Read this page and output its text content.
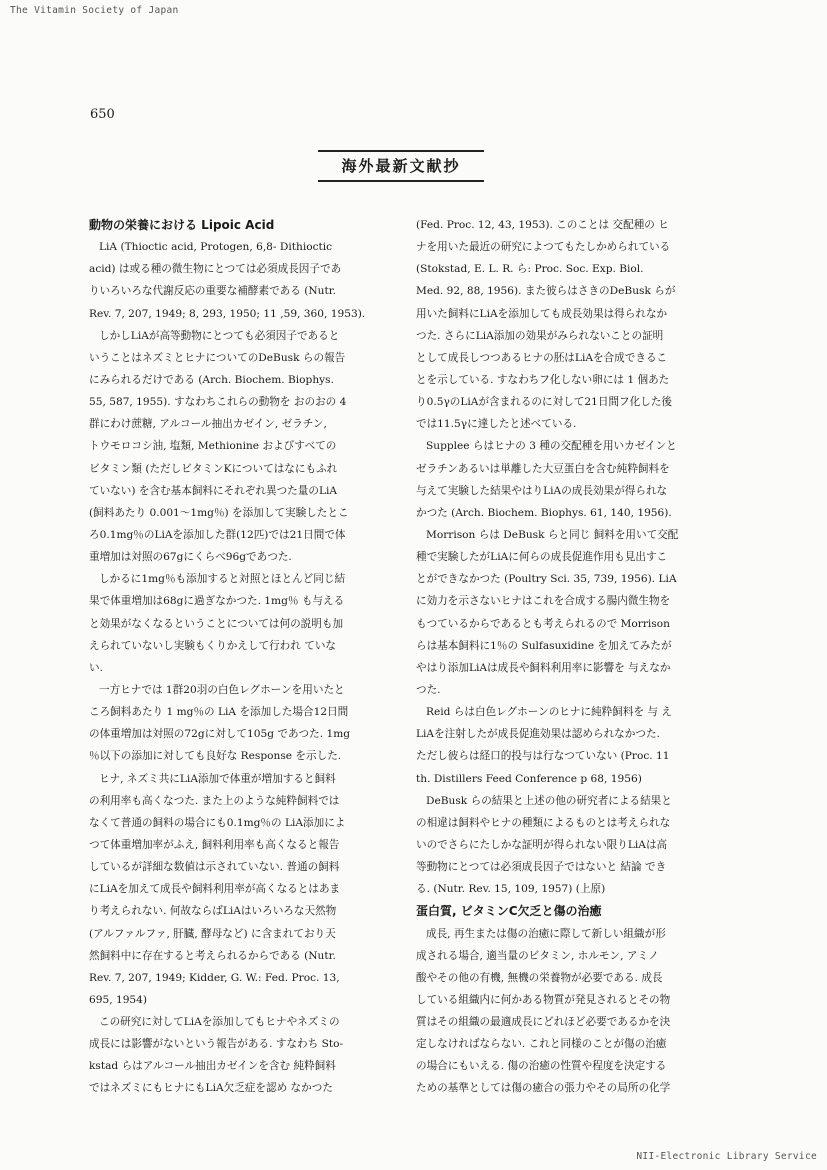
The Vitamin Society of Japan
650
海外最新文献抄
動物の栄養における Lipoic Acid
LiA (Thioctic acid, Protogen, 6,8- Dithioctic
acid) は或る種の微生物にとつては必須成長因子であ
りいろいろな代謝反応の重要な補酵素である (Nutr.
Rev. 7, 207, 1949; 8, 293, 1950; 11 ,59, 360, 1953).
しかしLiAが高等動物にとつても必須因子であると
いうことはネズミとヒナについてのDeBusk らの報告
にみられるだけである (Arch. Biochem. Biophys.
55, 587, 1955). すなわちこれらの動物を おのおの 4
群にわけ蔗糖, アルコール抽出カゼイン, ゼラチン,
トウモロコシ油, 塩類, Methionine およびすべての
ビタミン類 (ただしビタミンKについてはなにもふれ
ていない) を含む基本飼料にそれぞれ異つた量のLiA
(飼料あたり 0.001～1mg％) を添加して実験したとこ
ろ0.1mg％のLiAを添加した群(12匹)では21日間で体
重増加は対照の67gにくらべ96gであつた.
しかるに1mg％も添加すると対照とほとんど同じ結
果で体重増加は68gに過ぎなかつた. 1mg％ も与える
と効果がなくなるということについては何の説明も加
えられていないし実験もくりかえして行われ ていな
い.
一方ヒナでは 1群20羽の白色レグホーンを用いたと
ころ飼料あたり 1 mg％の LiA を添加した場合12日間
の体重増加は対照の72gに対して105g であつた. 1mg
％以下の添加に対しても良好な Response を示した.
ヒナ, ネズミ共にLiA添加で体重が増加すると飼料
の利用率も高くなつた. また上のような純粋飼料では
なくて普通の飼料の場合にも0.1mg％の LiA添加によ
つて体重増加率がふえ, 飼料利用率も高くなると報告
しているが詳細な数値は示されていない. 普通の飼料
にLiAを加えて成長や飼料利用率が高くなるとはあま
り考えられない. 何故ならばLiAはいろいろな天然物
(アルファルファ, 肝臓, 酵母など) に含まれており天
然飼料中に存在すると考えられるからである (Nutr.
Rev. 7, 207, 1949; Kidder, G. W.: Fed. Proc. 13,
695, 1954)
この研究に対してLiAを添加してもヒナやネズミの
成長には影響がないという報告がある. すなわち Sto-
kstad らはアルコール抽出カゼインを含む 純粋飼料
ではネズミにもヒナにもLiA欠乏症を認め なかつた
(Fed. Proc. 12, 43, 1953). このことは 交配種の ヒ
ナを用いた最近の研究によつてもたしかめられている
(Stokstad, E. L. R. ら: Proc. Soc. Exp. Biol.
Med. 92, 88, 1956). また彼らはさきのDeBusk らが
用いた飼料にLiAを添加しても成長効果は得られなか
つた. さらにLiA添加の効果がみられないことの証明
として成長しつつあるヒナの胚はLiAを合成できるこ
とを示している. すなわちフ化しない卵には 1 個あた
り0.5γのLiAが含まれるのに対して21日間フ化した後
では11.5γに達したと述べている.
Supplee らはヒナの 3 種の交配種を用いカゼインと
ゼラチンあるいは単離した大豆蛋白を含む純粋飼料を
与えて実験した結果やはりLiAの成長効果が得られな
かつた (Arch. Biochem. Biophys. 61, 140, 1956).
Morrison らは DeBusk らと同じ 飼料を用いて交配
種で実験したがLiAに何らの成長促進作用も見出すこ
とができなかつた (Poultry Sci. 35, 739, 1956). LiA
に効力を示さないヒナはこれを合成する腸内微生物を
もつているからであるとも考えられるので Morrison
らは基本飼料に1％の Sulfasuxidine を加えてみたが
やはり添加LiAは成長や飼料利用率に影響を 与えなか
つた.
Reid らは白色レグホーンのヒナに純粋飼料を 与 え
LiAを注射したが成長促進効果は認められなかつた.
ただし彼らは経口的投与は行なつていない (Proc. 11
th. Distillers Feed Conference p 68, 1956)
DeBusk らの結果と上述の他の研究者による結果と
の相違は飼料やヒナの種類によるものとは考えられな
いのでさらにたしかな証明が得られない限りLiAは高
等動物にとつては必須成長因子ではないと 結論 でき
る. (Nutr. Rev. 15, 109, 1957) (上原)
蛋白質, ビタミンC欠乏と傷の治癒
成長, 再生または傷の治癒に際して新しい組織が形
成される場合, 適当量のビタミン, ホルモン, アミノ
酸やその他の有機, 無機の栄養物が必要である. 成長
している組織内に何かある物質が発見されるとその物
質はその組織の最適成長にどれほど必要であるかを決
定しなければならない. これと同様のことが傷の治癒
の場合にもいえる. 傷の治癒の性質や程度を決定する
ための基準としては傷の癒合の張力やその局所の化学
NII-Electronic Library Service
